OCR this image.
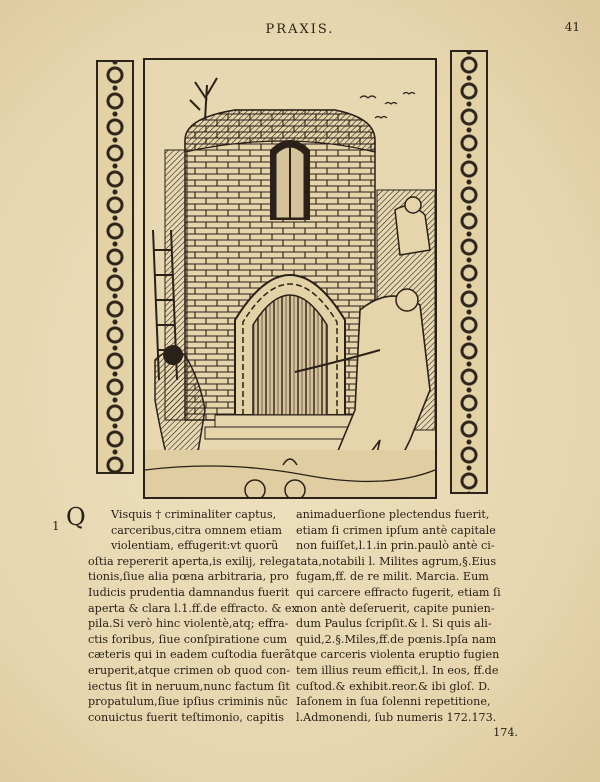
PRAXIS.	41
1 Q	Visquis † criminaliter captus,
carceribus,citra omnem etiam
violentiam, effugerit:vt quorũ
oſtia repererit aperta,is exilij, relega
tionis,ſiue alia pœna arbitraria, pro
Iudicis prudentia damnandus fuerit
aperta & clara l.1.ff.de effracto. & ex
pila.Si verò hinc violentè,atq; effra-
ctis foribus, ſiue conſpiratione cum
cæteris qui in eadem cuſtodia fuerãt
eruperit,atque crimen ob quod con-
iectus ſit in neruum,nunc factum ſit
propatulum,ſiue ipſius criminis nũc
conuictus fuerit teſtimonio, capitis
animaduerſione plectendus fuerit,
etiam ſi crimen ipſum antè capitale
non fuiſſet,l.1.in prin.paulò antè ci-
tata,notabili l. Milites agrum,§.Eius
fugam,ff. de re milit. Marcia. Eum
qui carcere effracto fugerit, etiam ſi
non antè deſeruerit, capite punien-
dum Paulus ſcripſit.& l. Si quis ali-
quid,2.§.Miles,ff.de pœnis.Ipſa nam
que carceris violenta eruptio fugien
tem illius reum efficit,l. In eos, ff.de
cuſtod.& exhibit.reor.& ibi gloſ. D.
Iaſonem in ſua ſolenni repetitione,
l.Admonendi, ſub numeris 172.173.
174.
